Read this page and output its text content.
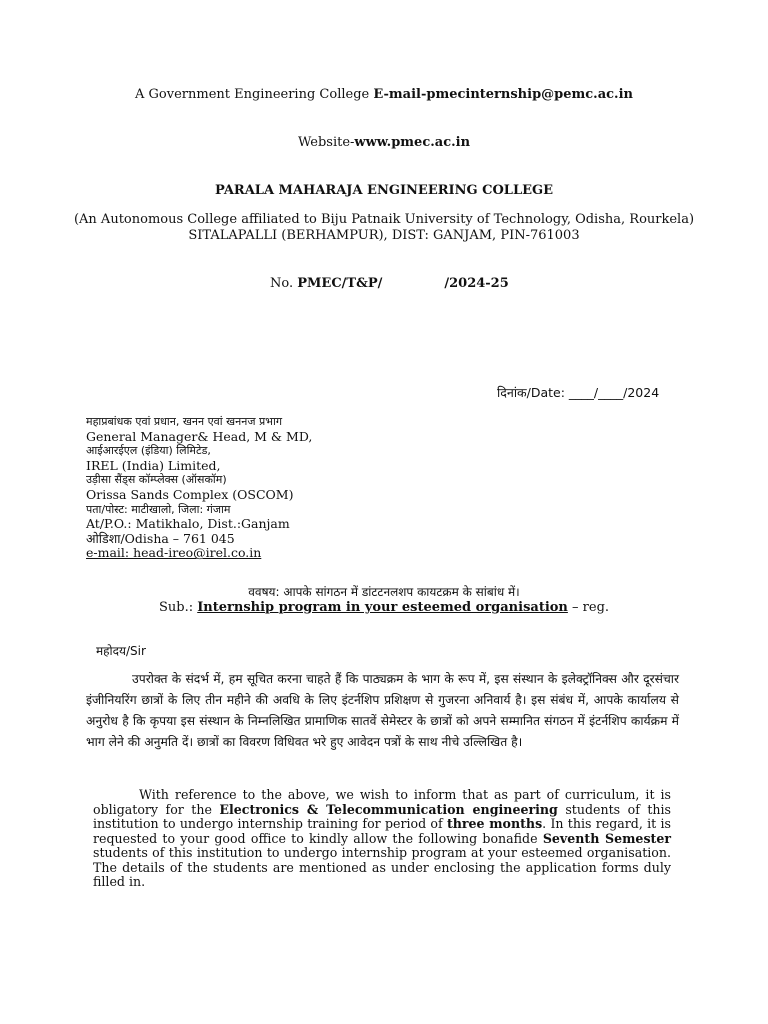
A Government Engineering College E-mail-pmecinternship@pemc.ac.in
Website-www.pmec.ac.in
PARALA MAHARAJA ENGINEERING COLLEGE
(An Autonomous College affiliated to Biju Patnaik University of Technology, Odisha, Rourkela)
SITALAPALLI (BERHAMPUR), DIST: GANJAM, PIN-761003
No. PMEC/T&P/	/2024-25
दिनांक/Date: ____/____/2024
महाप्रबांधक एवां प्रधान, खनन एवां खननज प्रभाग
General Manager& Head, M & MD,
आईआरईएल (इंडिया) लिमिटेड,
IREL (India) Limited,
उड़ीसा सैंड्स कॉम्प्लेक्स (ऑसकॉम)
Orissa Sands Complex (OSCOM)
पता/पोस्ट: माटीखालो, जिला: गंजाम
At/P.O.: Matikhalo, Dist.:Ganjam
ओडिशा/Odisha – 761 045
e-mail: head-ireo@irel.co.in
ववषय: आपके सांगठन में डांटटनलशप कायटक्रम के सांबांध में।
Sub.: Internship program in your esteemed organisation – reg.
महोदय/Sir
उपरोक्त के संदर्भ में, हम सूचित करना चाहते हैं कि पाठ्यक्रम के भाग के रूप में, इस संस्थान के इलेक्ट्रॉनिक्स और दूरसंचार इंजीनियरिंग छात्रों के लिए तीन महीने की अवधि के लिए इंटर्नशिप प्रशिक्षण से गुजरना अनिवार्य है। इस संबंध में, आपके कार्यालय से अनुरोध है कि कृपया इस संस्थान के निम्नलिखित प्रामाणिक सातवें सेमेस्टर के छात्रों को अपने सम्मानित संगठन में इंटर्नशिप कार्यक्रम में भाग लेने की अनुमति दें। छात्रों का विवरण विधिवत भरे हुए आवेदन पत्रों के साथ नीचे उल्लिखित है।
With reference to the above, we wish to inform that as part of curriculum, it is obligatory for the Electronics & Telecommunication engineering students of this institution to undergo internship training for period of three months. In this regard, it is requested to your good office to kindly allow the following bonafide Seventh Semester students of this institution to undergo internship program at your esteemed organisation. The details of the students are mentioned as under enclosing the application forms duly filled in.
